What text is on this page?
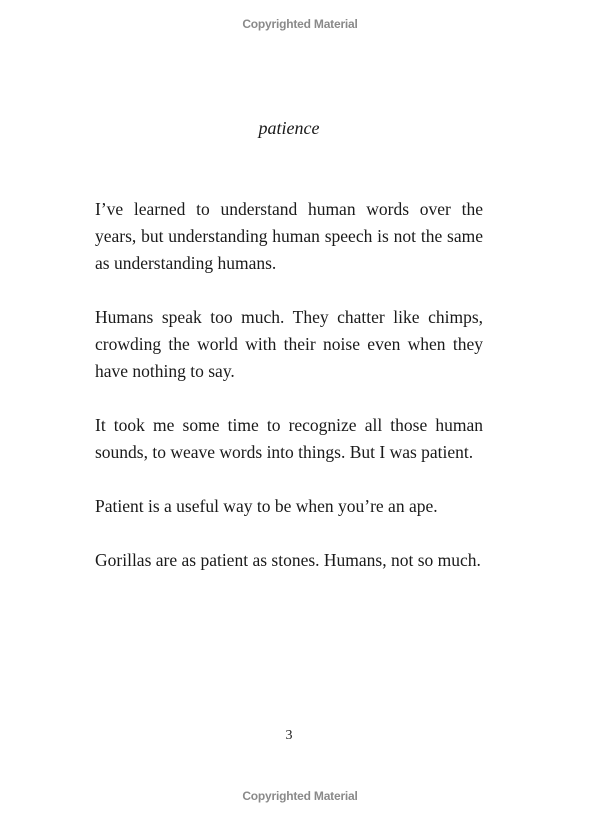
Copyrighted Material
patience

I’ve learned to understand human words over the years, but understanding human speech is not the same as understanding humans.

Humans speak too much. They chatter like chimps, crowding the world with their noise even when they have nothing to say.

It took me some time to recognize all those human sounds, to weave words into things. But I was patient.

Patient is a useful way to be when you’re an ape.

Gorillas are as patient as stones. Humans, not so much.

3
Copyrighted Material
